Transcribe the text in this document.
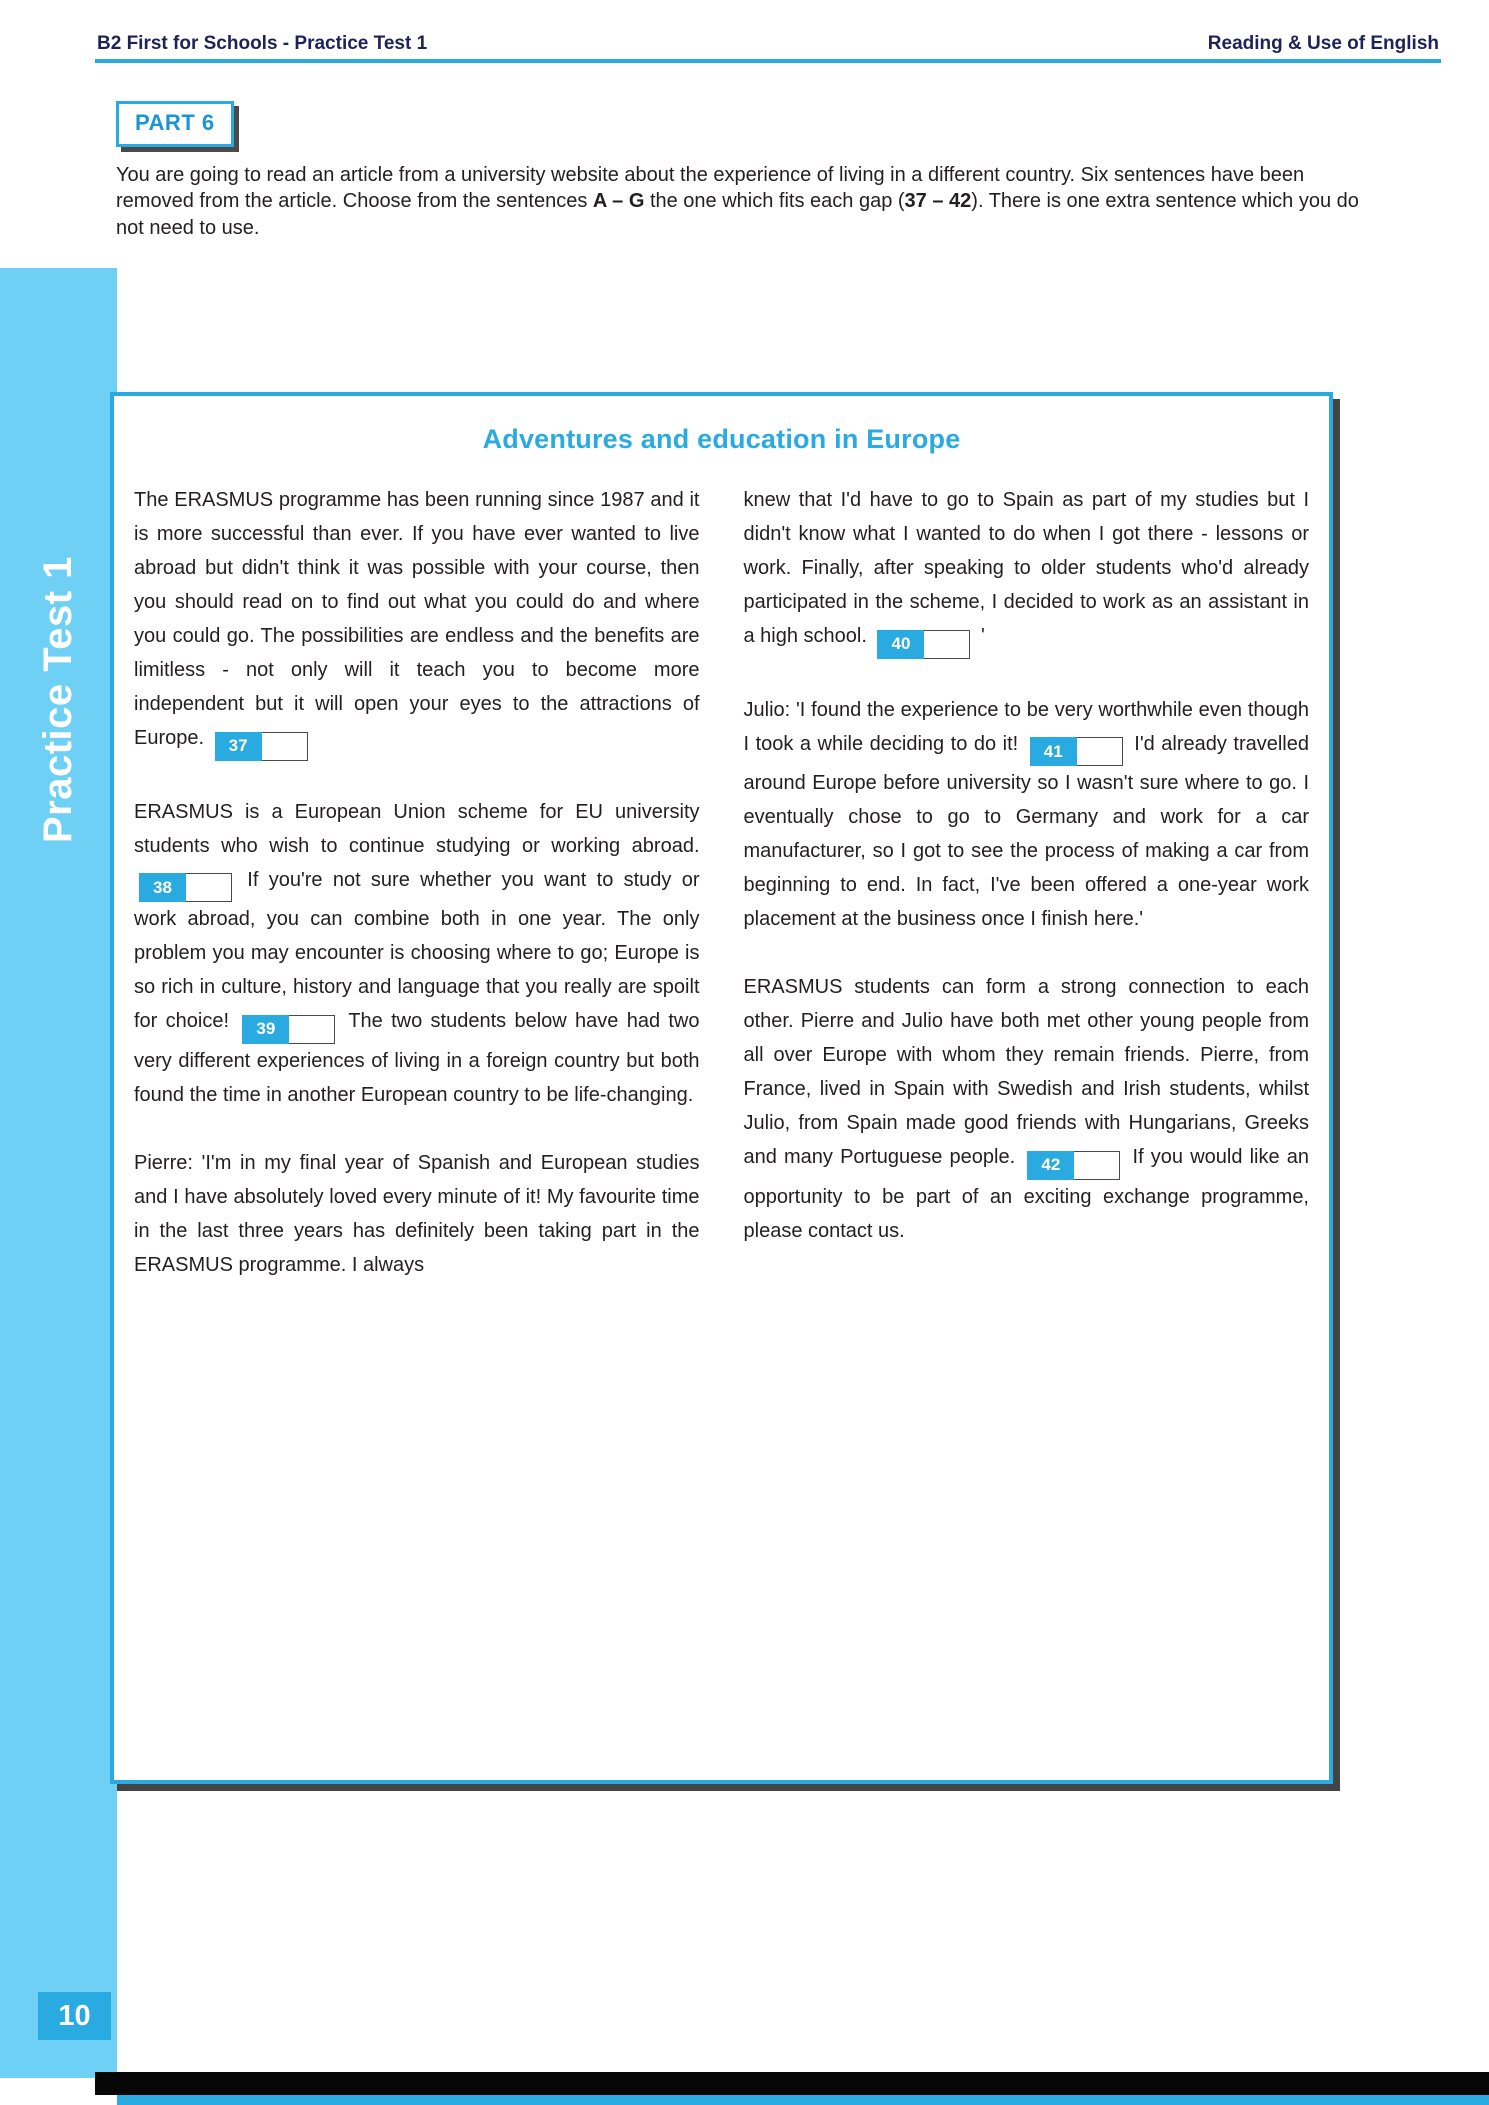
B2 First for Schools - Practice Test 1	Reading & Use of English
PART 6

You are going to read an article from a university website about the experience of living in a different country. Six sentences have been removed from the article. Choose from the sentences A – G the one which fits each gap (37 – 42). There is one extra sentence which you do not need to use.

Practice Test 1
Adventures and education in Europe

The ERASMUS programme has been running since 1987 and it is more successful than ever. If you have ever wanted to live abroad but didn't think it was possible with your course, then you should read on to find out what you could do and where you could go. The possibilities are endless and the benefits are limitless - not only will it teach you to become more independent but it will open your eyes to the attractions of Europe.	37

ERASMUS is a European Union scheme for EU university students who wish to continue studying or working abroad.
38	If you're not sure whether you want to study or work abroad, you can combine both in one year. The only problem you may encounter is choosing where to go; Europe is so rich in culture, history and language that you really are spoilt for choice!	39	The two students below have had two very different experiences of living in a foreign country but both found the time in another European country to be life-changing.

Pierre: 'I'm in my final year of Spanish and European studies and I have absolutely loved every minute of it! My favourite time in the last three years has definitely been taking part in the ERASMUS programme. I always

knew that I'd have to go to Spain as part of my studies but I didn't know what I wanted to do when I got there - lessons or work. Finally, after speaking to older students who'd already participated in the scheme, I decided to work as an assistant in a high school.	40	'

Julio: 'I found the experience to be very worthwhile even though I took a while deciding to do it!	41	I'd already travelled around Europe before university so I wasn't sure where to go. I eventually chose to go to Germany and work for a car manufacturer, so I got to see the process of making a car from beginning to end. In fact, I've been offered a one-year work placement at the business once I finish here.'

ERASMUS students can form a strong connection to each other. Pierre and Julio have both met other young people from all over Europe with whom they remain friends. Pierre, from France, lived in Spain with Swedish and Irish students, whilst Julio, from Spain made good friends with Hungarians, Greeks and many Portuguese people.	42	If you would like an opportunity to be part of an exciting exchange programme, please contact us.

10
